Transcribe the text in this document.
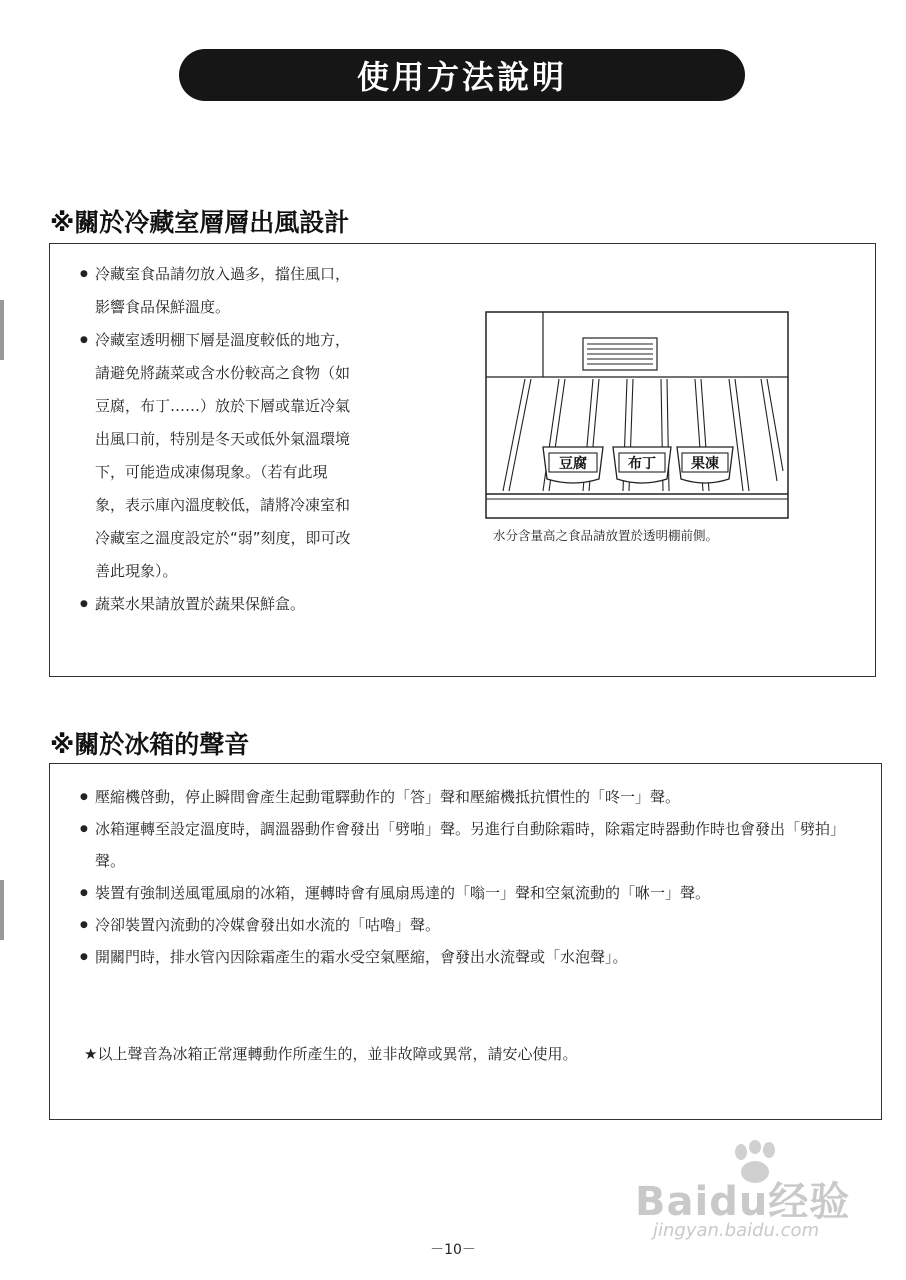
使用方法說明
※關於冷藏室層層出風設計
● 冷藏室食品請勿放入過多，擋住風口，影響食品保鮮溫度。
● 冷藏室透明棚下層是溫度較低的地方，請避免將蔬菜或含水份較高之食物（如豆腐，布丁……）放於下層或靠近冷氣出風口前，特別是冬天或低外氣溫環境下，可能造成凍傷現象。（若有此現象，表示庫內溫度較低，請將冷凍室和冷藏室之溫度設定於“弱”刻度，即可改善此現象）。
● 蔬菜水果請放置於蔬果保鮮盒。
豆腐	布丁	果凍
水分含量高之食品請放置於透明棚前側。
※關於冰箱的聲音
● 壓縮機啓動，停止瞬間會產生起動電驛動作的「答」聲和壓縮機抵抗慣性的「咚一」聲。
● 冰箱運轉至設定溫度時，調溫器動作會發出「劈啪」聲。另進行自動除霜時，除霜定時器動作時也會發出「劈拍」聲。
● 裝置有強制送風電風扇的冰箱，運轉時會有風扇馬達的「嗡一」聲和空氣流動的「咻一」聲。
● 冷卻裝置內流動的冷媒會發出如水流的「咕嚕」聲。
● 開關門時，排水管內因除霜產生的霜水受空氣壓縮，會發出水流聲或「水泡聲」。
★以上聲音為冰箱正常運轉動作所產生的，並非故障或異常，請安心使用。
Baidu经验
jingyan.baidu.com
－10－
